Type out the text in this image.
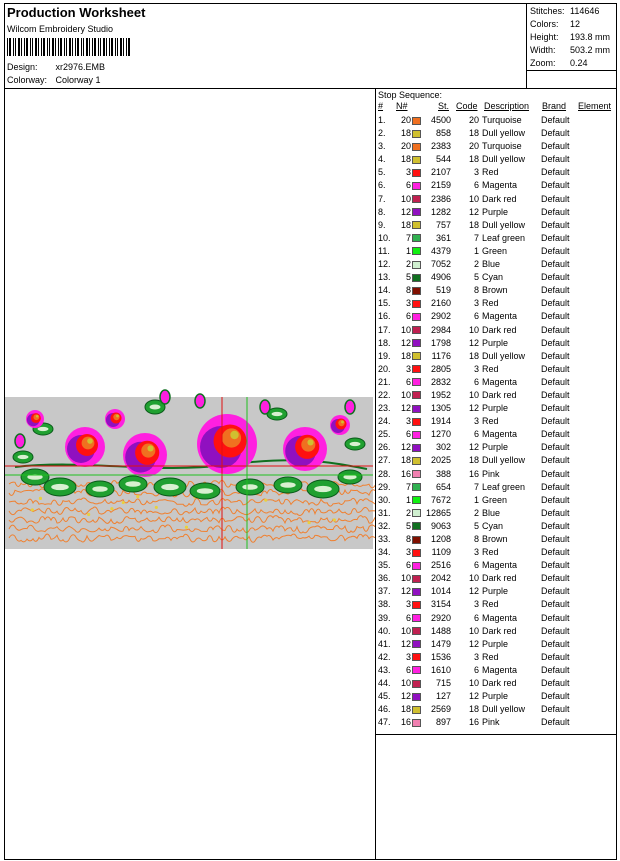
Production Worksheet
Wilcom Embroidery Studio
Design: xr2976.EMB
Colorway: Colorway 1
Stitches: 114646
Colors: 12
Height: 193.8 mm
Width: 503.2 mm
Zoom: 0.24
Stop Sequence:
# N#	St. Code Description Brand Element
1.	20	4500	20 Turquoise Default
2.	18	858	18 Dull yellow Default
3.	20	2383	20 Turquoise Default
4.	18	544	18 Dull yellow Default
5.	3	2107	3 Red	Default
6.	6	2159	6 Magenta	Default
7.	10	2386	10 Dark red	Default
8.	12	1282	12 Purple	Default
9.	18	757	18 Dull yellow Default
10.	7	361	7 Leaf green Default
11.	1	4379	1 Green	Default
12.	2	7052	2 Blue	Default
13.	5	4906	5 Cyan	Default
14.	8	519	8 Brown	Default
15.	3	2160	3 Red	Default
16.	6	2902	6 Magenta	Default
17.	10	2984	10 Dark red	Default
18.	12	1798	12 Purple	Default
19.	18	1176	18 Dull yellow Default
20.	3	2805	3 Red	Default
21.	6	2832	6 Magenta	Default
22.	10	1952	10 Dark red	Default
23.	12	1305	12 Purple	Default
24.	3	1914	3 Red	Default
25.	6	1270	6 Magenta	Default
26.	12	302	12 Purple	Default
27.	18	2025	18 Dull yellow Default
28.	16	388	16 Pink	Default
29.	7	654	7 Leaf green Default
30.	1	7672	1 Green	Default
31.	2 12865	2 Blue	Default
32.	5	9063	5 Cyan	Default
33.	8	1208	8 Brown	Default
34.	3	1109	3 Red	Default
35.	6	2516	6 Magenta	Default
36.	10	2042	10 Dark red	Default
37.	12	1014	12 Purple	Default
38.	3	3154	3 Red	Default
39.	6	2920	6 Magenta	Default
40.	10	1488	10 Dark red	Default
41.	12	1479	12 Purple	Default
42.	3	1536	3 Red	Default
43.	6	1610	6 Magenta	Default
44.	10	715	10 Dark red	Default
45.	12	127	12 Purple	Default
46.	18	2569	18 Dull yellow Default
47.	16	897	16 Pink	Default
